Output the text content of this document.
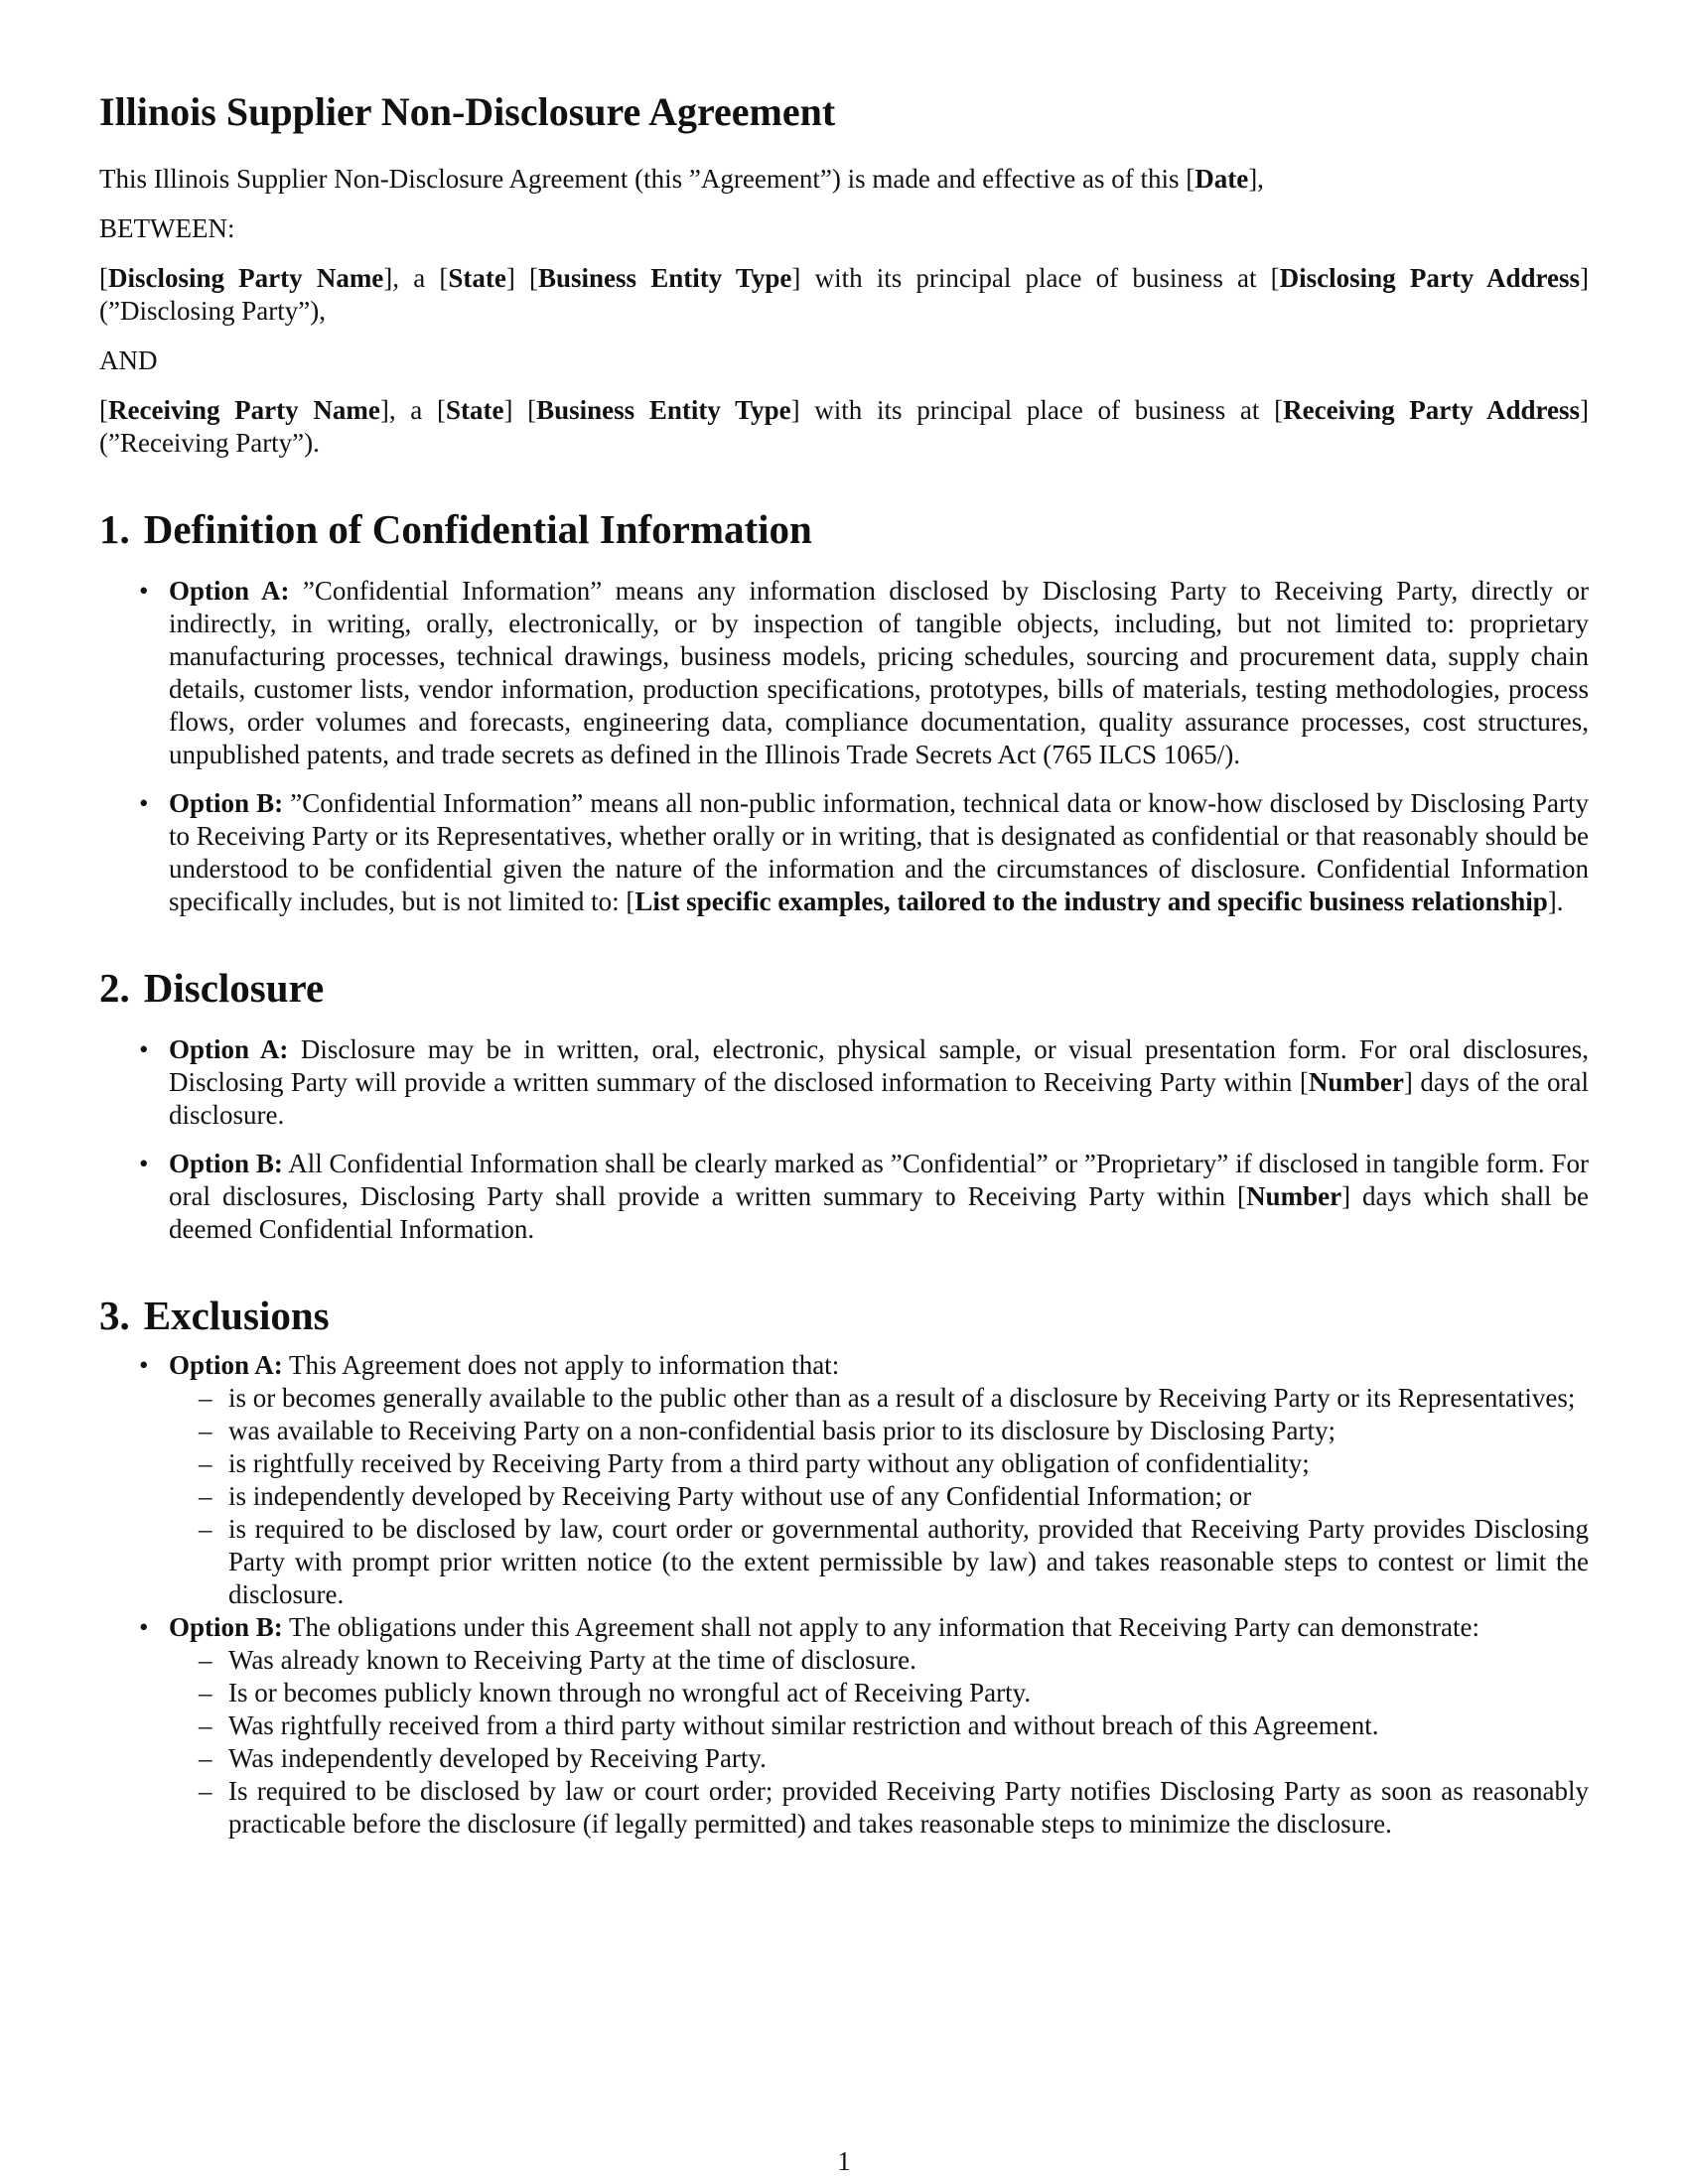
Illinois Supplier Non-Disclosure Agreement

This Illinois Supplier Non-Disclosure Agreement (this ”Agreement”) is made and effective as of this [Date],

BETWEEN:

[Disclosing Party Name], a [State] [Business Entity Type] with its principal place of business at [Disclosing Party Address] (”Disclosing Party”),

AND

[Receiving Party Name], a [State] [Business Entity Type] with its principal place of business at [Receiving Party Address] (”Receiving Party”).

1. Definition of Confidential Information
• Option A: ”Confidential Information” means any information disclosed by Disclosing Party to Receiving Party, directly or indirectly, in writing, orally, electronically, or by inspection of tangible objects, including, but not limited to: proprietary manufacturing processes, technical drawings, business models, pricing schedules, sourcing and procurement data, supply chain details, customer lists, vendor information, production specifications, prototypes, bills of materials, testing methodologies, process flows, order volumes and forecasts, engineering data, compliance documentation, quality assurance processes, cost structures, unpublished patents, and trade secrets as defined in the Illinois Trade Secrets Act (765 ILCS 1065/).
• Option B: ”Confidential Information” means all non-public information, technical data or know-how disclosed by Disclosing Party to Receiving Party or its Representatives, whether orally or in writing, that is designated as confidential or that reasonably should be understood to be confidential given the nature of the information and the circumstances of disclosure. Confidential Information specifically includes, but is not limited to: [List specific examples, tailored to the industry and specific business relationship].
2. Disclosure
• Option A: Disclosure may be in written, oral, electronic, physical sample, or visual presentation form. For oral disclosures, Disclosing Party will provide a written summary of the disclosed information to Receiving Party within [Number] days of the oral disclosure.
• Option B: All Confidential Information shall be clearly marked as ”Confidential” or ”Proprietary” if disclosed in tangible form. For oral disclosures, Disclosing Party shall provide a written summary to Receiving Party within [Number] days which shall be deemed Confidential Information.
3. Exclusions
• Option A: This Agreement does not apply to information that:
– is or becomes generally available to the public other than as a result of a disclosure by Receiving Party or its Representatives;
– was available to Receiving Party on a non-confidential basis prior to its disclosure by Disclosing Party;
– is rightfully received by Receiving Party from a third party without any obligation of confidentiality;
– is independently developed by Receiving Party without use of any Confidential Information; or
– is required to be disclosed by law, court order or governmental authority, provided that Receiving Party provides Disclosing Party with prompt prior written notice (to the extent permissible by law) and takes reasonable steps to contest or limit the disclosure.
• Option B: The obligations under this Agreement shall not apply to any information that Receiving Party can demonstrate:
– Was already known to Receiving Party at the time of disclosure.
– Is or becomes publicly known through no wrongful act of Receiving Party.
– Was rightfully received from a third party without similar restriction and without breach of this Agreement.
– Was independently developed by Receiving Party.
– Is required to be disclosed by law or court order; provided Receiving Party notifies Disclosing Party as soon as reasonably practicable before the disclosure (if legally permitted) and takes reasonable steps to minimize the disclosure.
1
